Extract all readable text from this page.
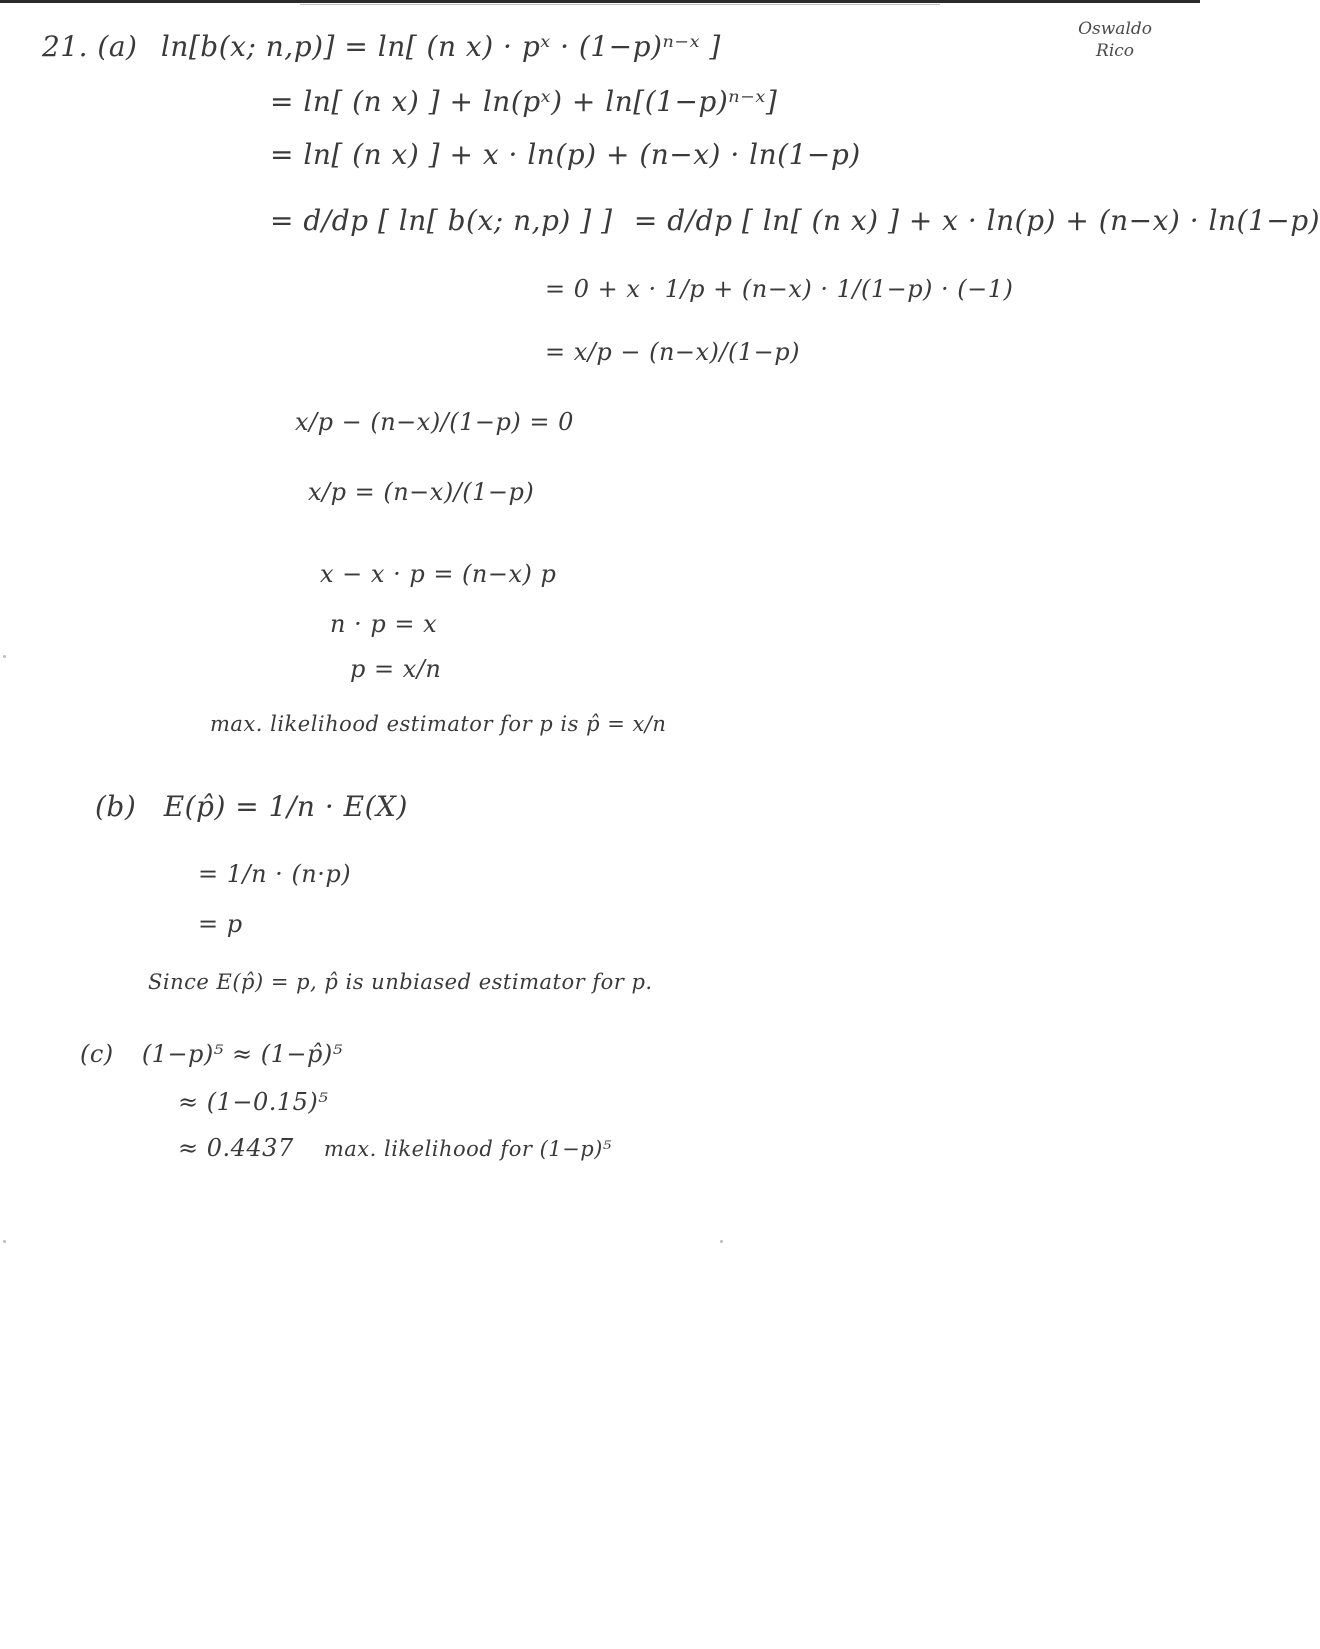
Oswaldo
Rico
21. (a) ln[b(x; n,p)] = ln[ (n x) · pˣ · (1−p)ⁿ⁻ˣ ]
= ln[ (n x) ] + ln(pˣ) + ln[(1−p)ⁿ⁻ˣ]
= ln[ (n x) ] + x · ln(p) + (n−x) · ln(1−p)
= d/dp [ ln[ b(x; n,p) ] ] = d/dp [ ln[ (n x) ] + x · ln(p) + (n−x) · ln(1−p)
= 0 + x · 1/p + (n−x) · 1/(1−p) · (−1)
= x/p − (n−x)/(1−p)
x/p − (n−x)/(1−p) = 0
x/p = (n−x)/(1−p)
x − x · p = (n−x) p
n · p = x
p = x/n
max. likelihood estimator for p is p̂ = x/n
(b) E(p̂) = 1/n · E(X)
= 1/n · (n·p)
= p
Since E(p̂) = p, p̂ is unbiased estimator for p.
(c) (1−p)⁵ ≈ (1−p̂)⁵
≈ (1−0.15)⁵
≈ 0.4437 max. likelihood for (1−p)⁵
